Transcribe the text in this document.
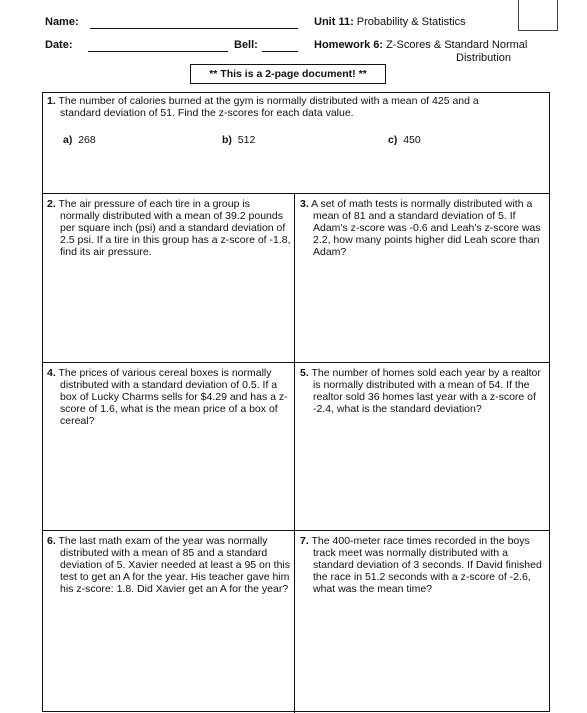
Name:
Date:	Bell:
Unit 11: Probability & Statistics
Homework 6: Z-Scores & Standard Normal
Distribution
** This is a 2-page document! **
1. The number of calories burned at the gym is normally distributed with a mean of 425 and a standard deviation of 51. Find the z-scores for each data value.
a) 268	b) 512	c) 450
2. The air pressure of each tire in a group is normally distributed with a mean of 39.2 pounds per square inch (psi) and a standard deviation of 2.5 psi. If a tire in this group has a z-score of -1.8, find its air pressure.
3. A set of math tests is normally distributed with a mean of 81 and a standard deviation of 5. If Adam's z-score was -0.6 and Leah's z-score was 2.2, how many points higher did Leah score than Adam?
4. The prices of various cereal boxes is normally distributed with a standard deviation of 0.5. If a box of Lucky Charms sells for $4.29 and has a z-score of 1.6, what is the mean price of a box of cereal?
5. The number of homes sold each year by a realtor is normally distributed with a mean of 54. If the realtor sold 36 homes last year with a z-score of -2.4, what is the standard deviation?
6. The last math exam of the year was normally distributed with a mean of 85 and a standard deviation of 5. Xavier needed at least a 95 on this test to get an A for the year. His teacher gave him his z-score: 1.8. Did Xavier get an A for the year?
7. The 400-meter race times recorded in the boys track meet was normally distributed with a standard deviation of 3 seconds. If David finished the race in 51.2 seconds with a z-score of -2.6, what was the mean time?
